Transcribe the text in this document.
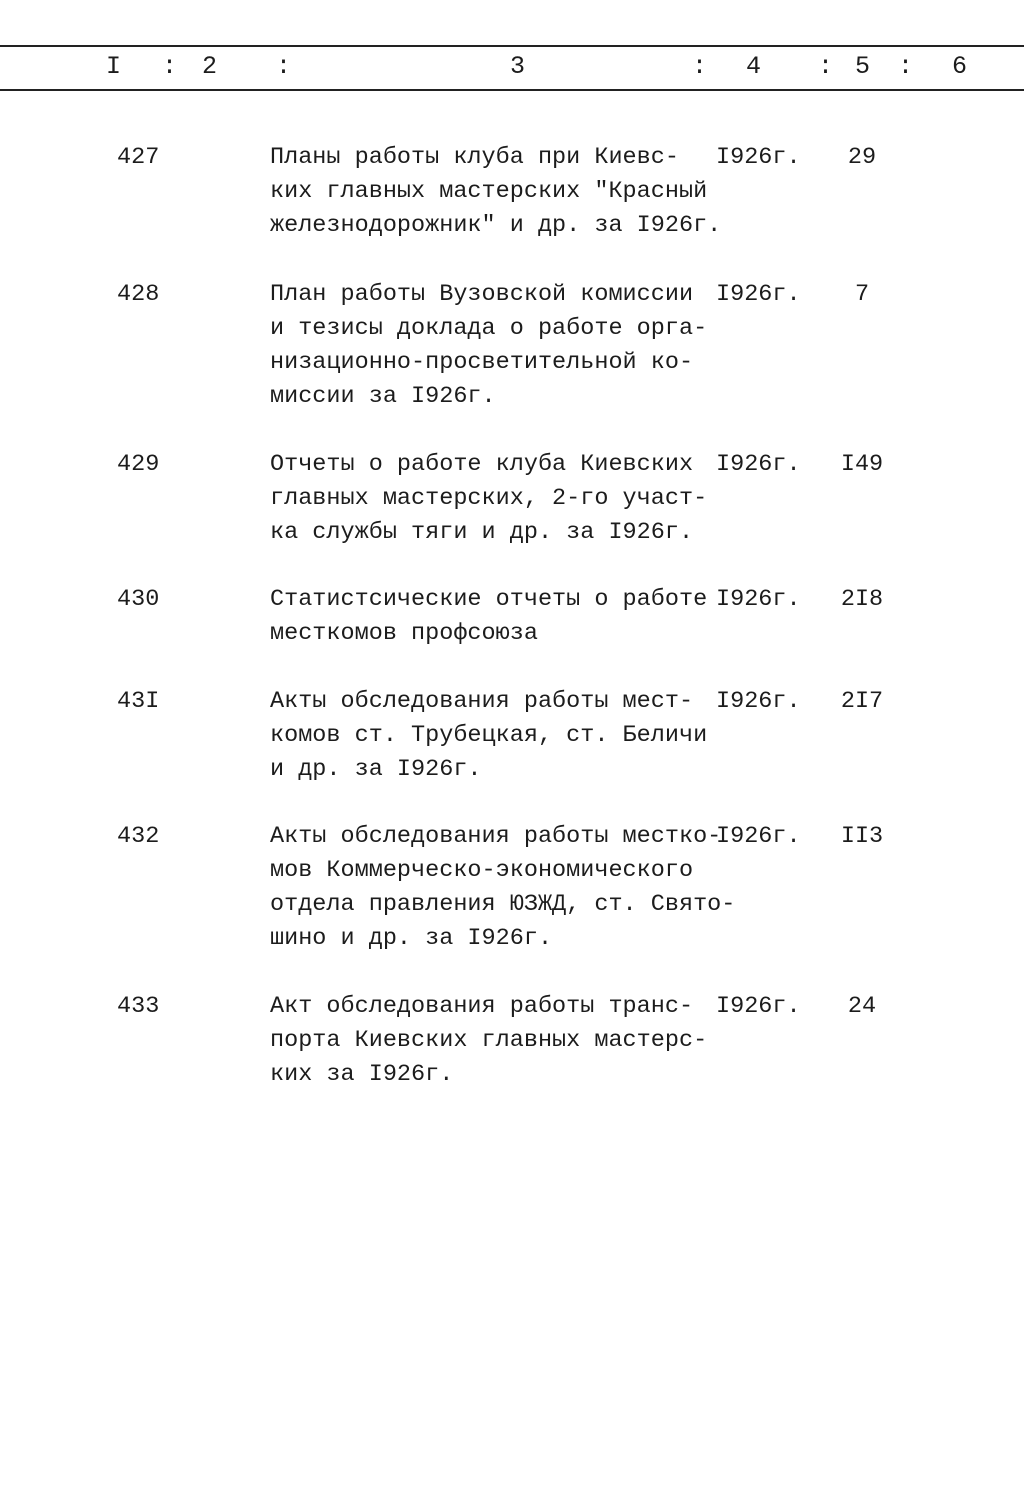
I : 2 :	3	: 4 : 5 : 6
427	Планы работы клуба при Киевс-
ких главных мастерских "Красный
железнодорожник" и др. за I926г.
I926г.	29
428	План работы Вузовской комиссии
и тезисы доклада о работе орга-
низационно-просветительной ко-
миссии за I926г.
I926г.	7
429	Отчеты о работе клуба Киевских
главных мастерских, 2-го участ-
ка службы тяги и др. за I926г.
I926г.	I49
430	Статистсические отчеты о работе
месткомов профсоюза
I926г.	2I8
43I	Акты обследования работы мест-
комов ст. Трубецкая, ст. Беличи
и др. за I926г.
I926г.	2I7
432	Акты обследования работы местко-
мов Коммерческо-экономического
отдела правления ЮЗЖД, ст. Свято-
шино и др. за I926г.
I926г.	II3
433	Акт обследования работы транс-
порта Киевских главных мастерс-
ких за I926г.
I926г.	24
